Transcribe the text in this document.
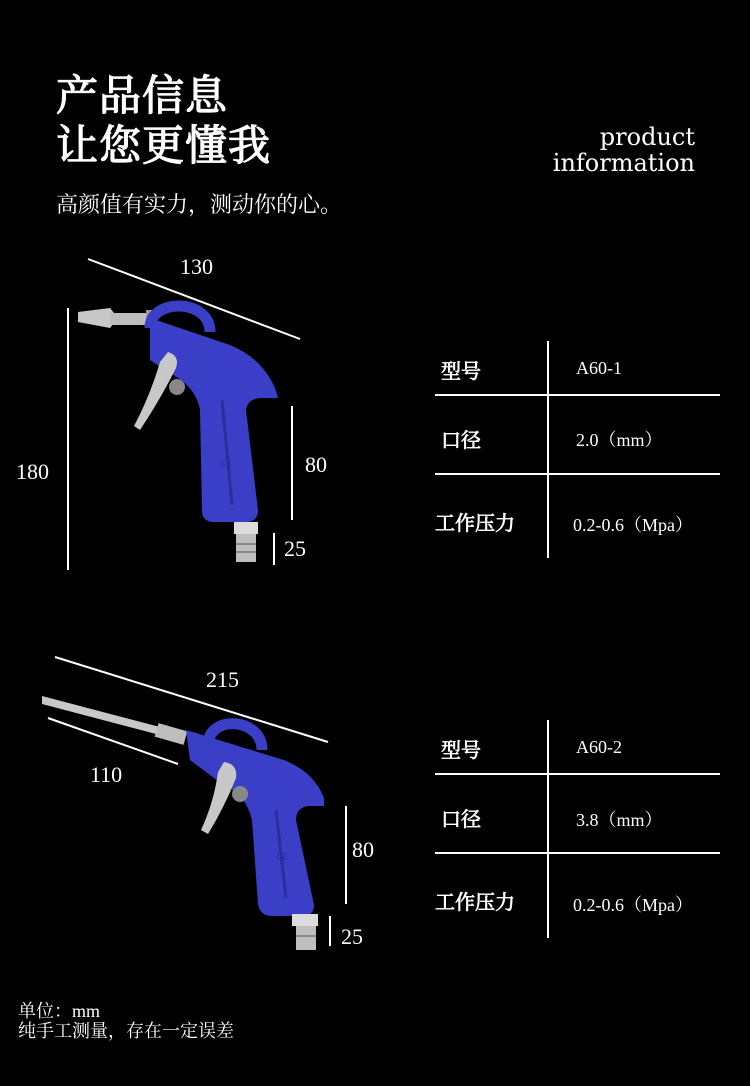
产品信息
让您更懂我
高颜值有实力，测动你的心。
product
information
CE
CE
130
180	80
25
型号	A60-1
口径	2.0（mm）
工作压力	0.2-0.6（Mpa）
215
110
80
25
型号	A60-2
口径	3.8（mm）
工作压力	0.2-0.6（Mpa）
单位：mm
纯手工测量，存在一定误差
